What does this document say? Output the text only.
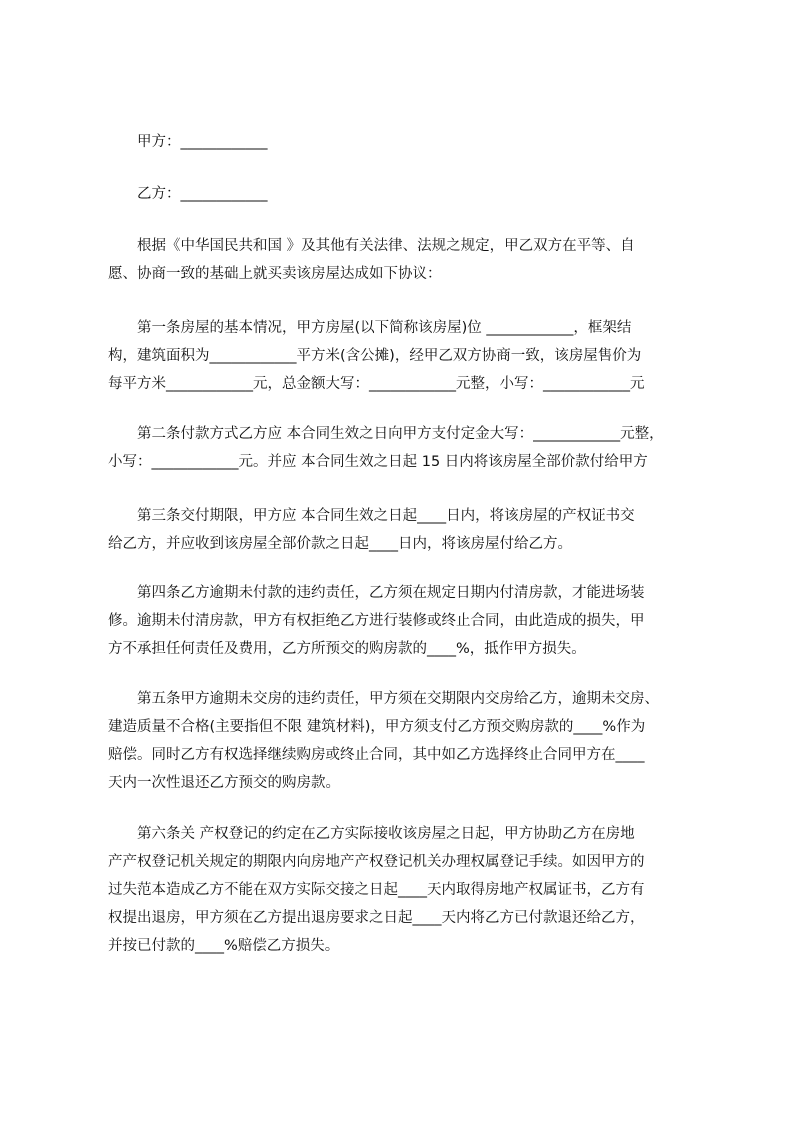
甲方：____________

乙方：____________

根据《中华国民共和国 》及其他有关法律、法规之规定，甲乙双方在平等、自
愿、协商一致的基础上就买卖该房屋达成如下协议：

第一条房屋的基本情况，甲方房屋(以下简称该房屋)位 ____________，框架结
构，建筑面积为____________平方米(含公摊)，经甲乙双方协商一致，该房屋售价为
每平方米____________元，总金额大写：____________元整，小写：____________元

第二条付款方式乙方应 本合同生效之日向甲方支付定金大写：____________元整，
小写：____________元。并应 本合同生效之日起 15 日内将该房屋全部价款付给甲方

第三条交付期限，甲方应 本合同生效之日起____日内，将该房屋的产权证书交
给乙方，并应收到该房屋全部价款之日起____日内，将该房屋付给乙方。

第四条乙方逾期未付款的违约责任，乙方须在规定日期内付清房款，才能进场装
修。逾期未付清房款，甲方有权拒绝乙方进行装修或终止合同，由此造成的损失，甲
方不承担任何责任及费用，乙方所预交的购房款的____%，抵作甲方损失。

第五条甲方逾期未交房的违约责任，甲方须在交期限内交房给乙方，逾期未交房、
建造质量不合格(主要指但不限 建筑材料)，甲方须支付乙方预交购房款的____%作为
赔偿。同时乙方有权选择继续购房或终止合同，其中如乙方选择终止合同甲方在____
天内一次性退还乙方预交的购房款。

第六条关 产权登记的约定在乙方实际接收该房屋之日起，甲方协助乙方在房地
产产权登记机关规定的期限内向房地产产权登记机关办理权属登记手续。如因甲方的
过失范本造成乙方不能在双方实际交接之日起____天内取得房地产权属证书，乙方有
权提出退房，甲方须在乙方提出退房要求之日起____天内将乙方已付款退还给乙方，
并按已付款的____%赔偿乙方损失。
